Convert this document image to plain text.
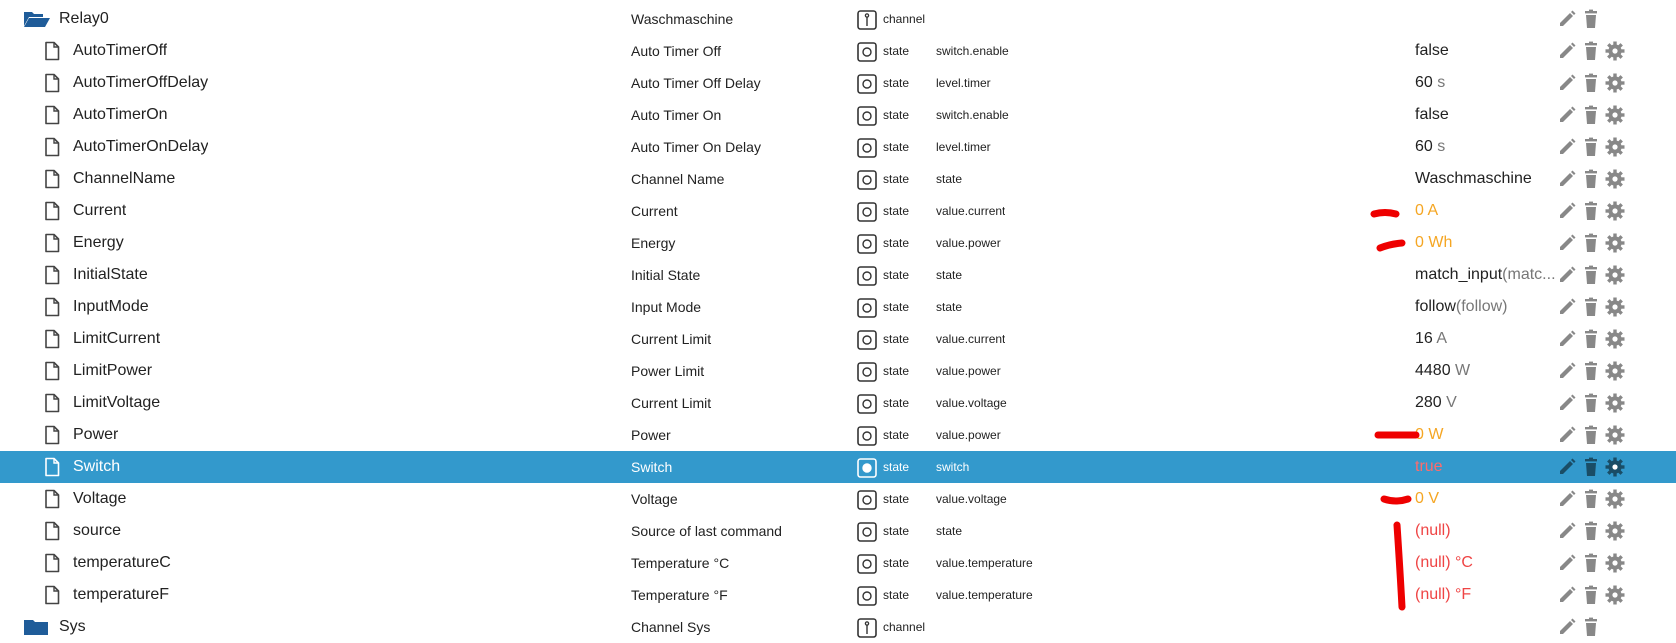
Relay0	Waschmaschine	channel
AutoTimerOff	Auto Timer Off	state switch.enable	false
AutoTimerOffDelay	Auto Timer Off Delay	state level.timer	60 s
AutoTimerOn	Auto Timer On	state switch.enable	false
AutoTimerOnDelay	Auto Timer On Delay	state level.timer	60 s
ChannelName	Channel Name	state state	Waschmaschine
Current	Current	state value.current	0 A
Energy	Energy	state value.power	0 Wh
InitialState	Initial State	state state	match_input(matc...
InputMode	Input Mode	state state	follow(follow)
LimitCurrent	Current Limit	state value.current	16 A
LimitPower	Power Limit	state value.power	4480 W
LimitVoltage	Current Limit	state value.voltage	280 V
Power	Power	state value.power	0 W
Switch	Switch	state switch	true
Voltage	Voltage	state value.voltage	0 V
source	Source of last command	state state	(null)
temperatureC	Temperature °C	state value.temperature	(null) °C
temperatureF	Temperature °F	state value.temperature	(null) °F
Sys	Channel Sys	channel
